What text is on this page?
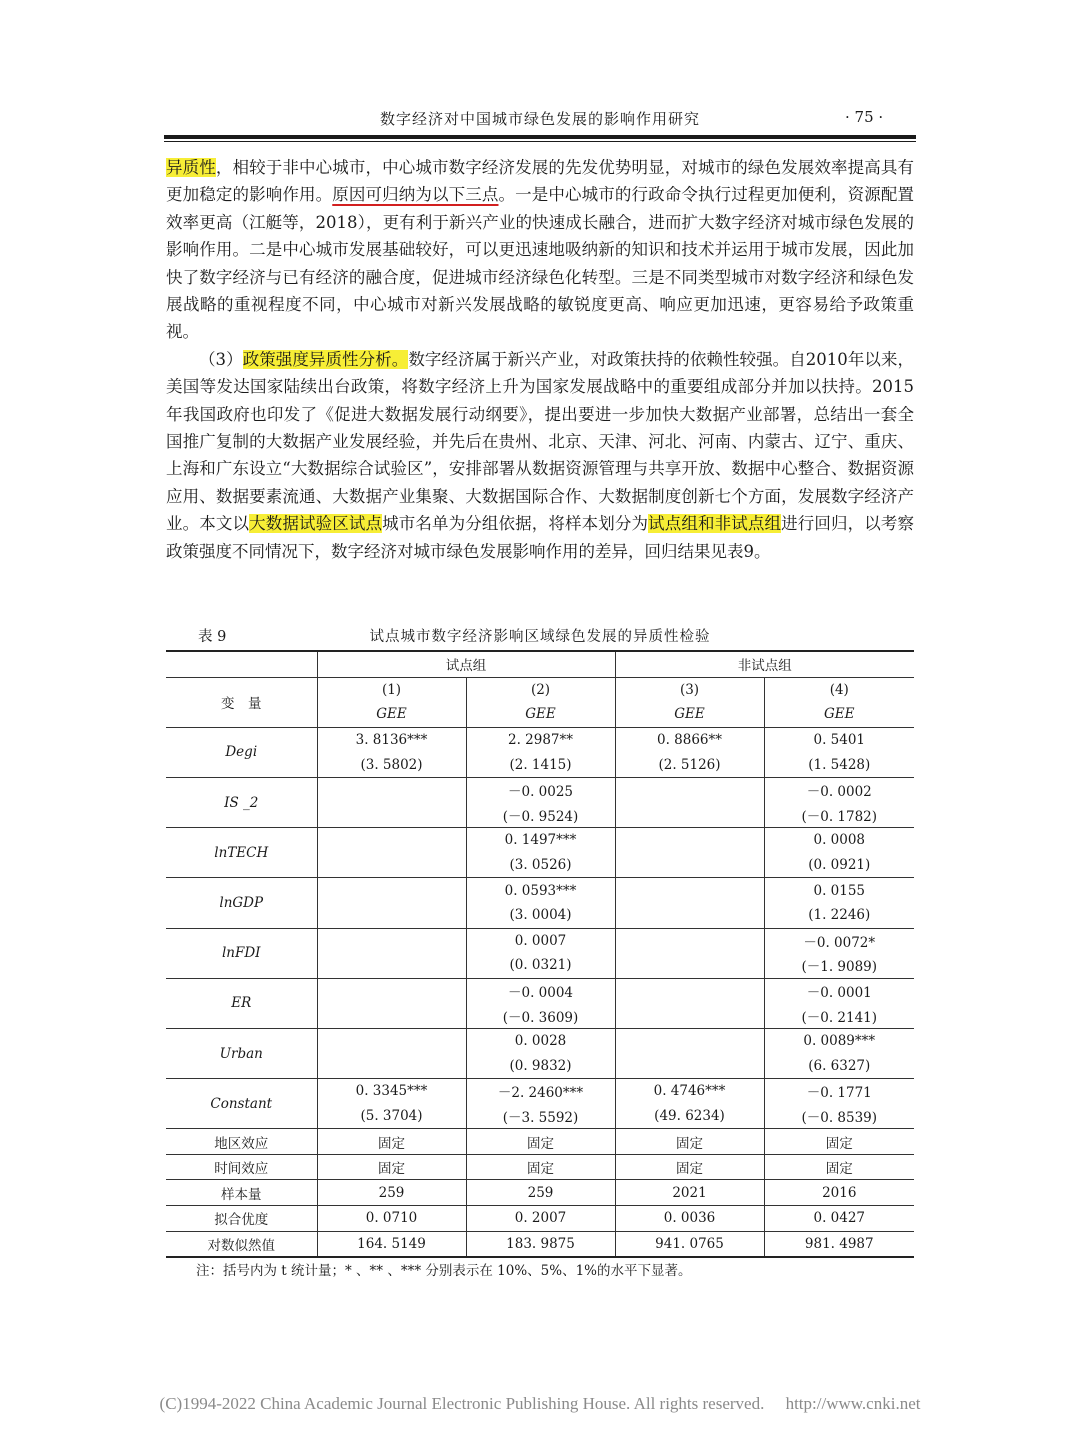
数字经济对中国城市绿色发展的影响作用研究	· 75 ·

异质性，相较于非中心城市，中心城市数字经济发展的先发优势明显，对城市的绿色发展效率提高具有更加稳定的影响作用。原因可归纳为以下三点。一是中心城市的行政命令执行过程更加便利，资源配置效率更高（江艇等，2018），更有利于新兴产业的快速成长融合，进而扩大数字经济对城市绿色发展的影响作用。二是中心城市发展基础较好，可以更迅速地吸纳新的知识和技术并运用于城市发展，因此加快了数字经济与已有经济的融合度，促进城市经济绿色化转型。三是不同类型城市对数字经济和绿色发展战略的重视程度不同，中心城市对新兴发展战略的敏锐度更高、响应更加迅速，更容易给予政策重视。

（3）政策强度异质性分析。数字经济属于新兴产业，对政策扶持的依赖性较强。自2010年以来，美国等发达国家陆续出台政策，将数字经济上升为国家发展战略中的重要组成部分并加以扶持。2015年我国政府也印发了《促进大数据发展行动纲要》，提出要进一步加快大数据产业部署，总结出一套全国推广复制的大数据产业发展经验，并先后在贵州、北京、天津、河北、河南、内蒙古、辽宁、重庆、上海和广东设立“大数据综合试验区”，安排部署从数据资源管理与共享开放、数据中心整合、数据资源应用、数据要素流通、大数据产业集聚、大数据国际合作、大数据制度创新七个方面，发展数字经济产业。本文以大数据试验区试点城市名单为分组依据，将样本划分为试点组和非试点组进行回归，以考察政策强度不同情况下，数字经济对城市绿色发展影响作用的差异，回归结果见表9。

表 9	试点城市数字经济影响区域绿色发展的异质性检验
	试点组		非试点组	
变　量	(1)	(2)	(3)	(4)
	GEE	GEE	GEE	GEE
Degi	3. 8136***	2. 2987**	0. 8866**	0. 5401
	(3. 5802)	(2. 1415)	(2. 5126)	(1. 5428)
IS _2		－0. 0025		－0. 0002
		(－0. 9524)		(－0. 1782)
lnTECH		0. 1497***		0. 0008
		(3. 0526)		(0. 0921)
lnGDP		0. 0593***		0. 0155
		(3. 0004)		(1. 2246)
lnFDI		0. 0007		－0. 0072*
		(0. 0321)		(－1. 9089)
ER		－0. 0004		－0. 0001
		(－0. 3609)		(－0. 2141)
Urban		0. 0028		0. 0089***
		(0. 9832)		(6. 6327)
Constant	0. 3345***	－2. 2460***	0. 4746***	－0. 1771
	(5. 3704)	(－3. 5592)	(49. 6234)	(－0. 8539)
地区效应	固定	固定	固定	固定
时间效应	固定	固定	固定	固定
样本量	259	259	2021	2016
拟合优度	0. 0710	0. 2007	0. 0036	0. 0427
对数似然值	164. 5149	183. 9875	941. 0765	981. 4987
注：括号内为 t 统计量；* 、** 、*** 分别表示在 10%、5%、1%的水平下显著。
(C)1994-2022 China Academic Journal Electronic Publishing House. All rights reserved.　 http://www.cnki.net
